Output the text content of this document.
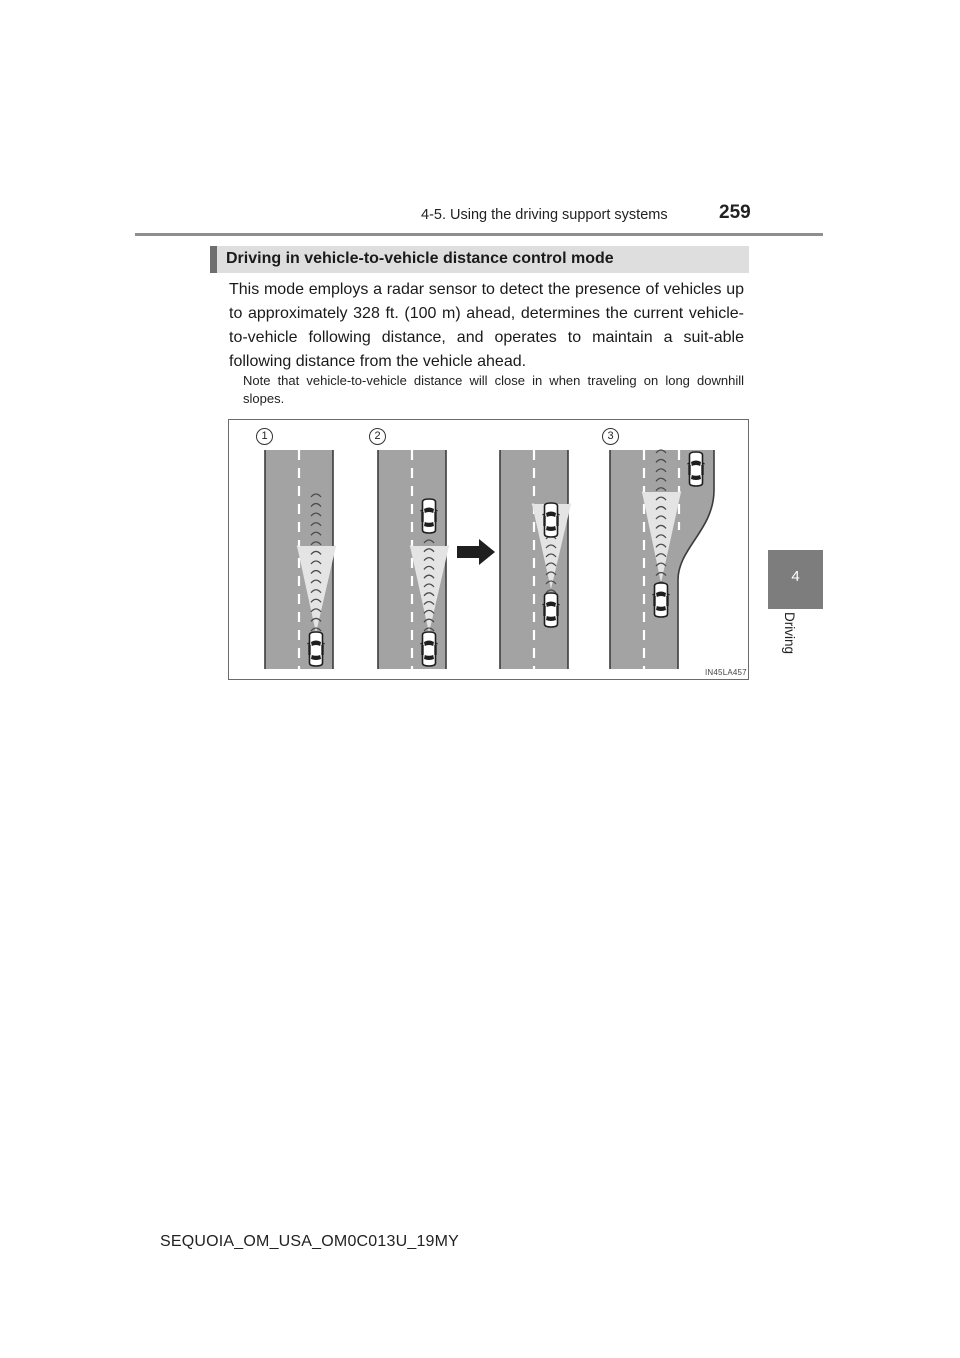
4-5. Using the driving support systems	259
4
Driving
Driving in vehicle-to-vehicle distance control mode
This mode employs a radar sensor to detect the presence of vehicles up to approximately 328 ft. (100 m) ahead, determines the current vehicle-to-vehicle following distance, and operates to maintain a suit-able following distance from the vehicle ahead.
Note that vehicle-to-vehicle distance will close in when traveling on long downhill slopes.
1	2	3
IN45LA457
SEQUOIA_OM_USA_OM0C013U_19MY
